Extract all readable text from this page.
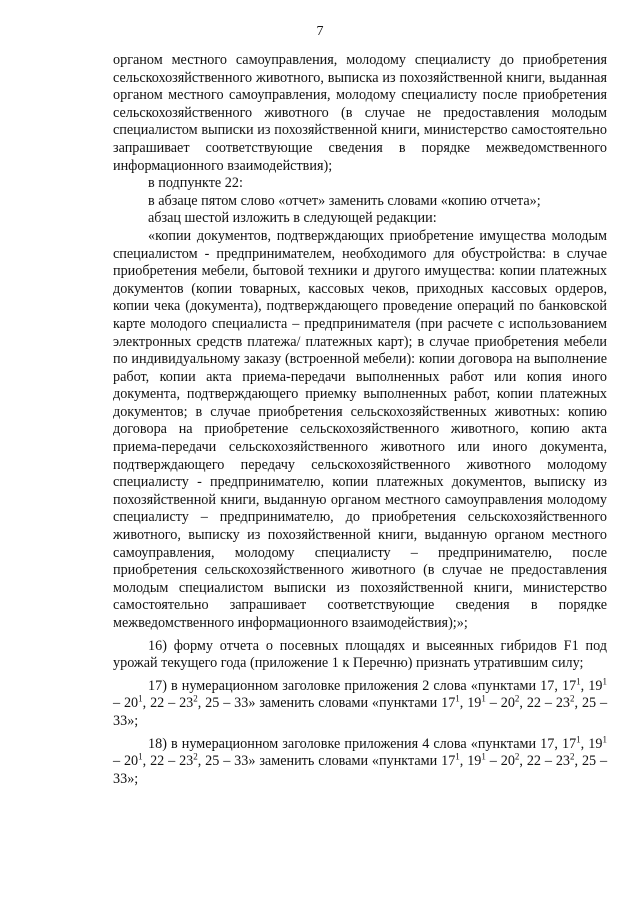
7

органом местного самоуправления, молодому специалисту до приобретения сельскохозяйственного животного, выписка из похозяйственной книги, выданная органом местного самоуправления, молодому специалисту после приобретения сельскохозяйственного животного (в случае не предоставления молодым специалистом выписки из похозяйственной книги, министерство самостоятельно запрашивает соответствующие сведения в порядке межведомственного информационного взаимодействия);

в подпункте 22:

в абзаце пятом слово «отчет» заменить словами «копию отчета»;

абзац шестой изложить в следующей редакции:

«копии документов, подтверждающих приобретение имущества молодым специалистом - предпринимателем, необходимого для обустройства: в случае приобретения мебели, бытовой техники и другого имущества: копии платежных документов (копии товарных, кассовых чеков, приходных кассовых ордеров, копии чека (документа), подтверждающего проведение операций по банковской карте молодого специалиста – предпринимателя (при расчете с использованием электронных средств платежа/ платежных карт); в случае приобретения мебели по индивидуальному заказу (встроенной мебели): копии договора на выполнение работ, копии акта приема-передачи выполненных работ или копия иного документа, подтверждающего приемку выполненных работ, копии платежных документов; в случае приобретения сельскохозяйственных животных: копию договора на приобретение сельскохозяйственного животного, копию акта приема-передачи сельскохозяйственного животного или иного документа, подтверждающего передачу сельскохозяйственного животного молодому специалисту - предпринимателю, копии платежных документов, выписку из похозяйственной книги, выданную органом местного самоуправления молодому специалисту – предпринимателю, до приобретения сельскохозяйственного животного, выписку из похозяйственной книги, выданную органом местного самоуправления, молодому специалисту – предпринимателю, после приобретения сельскохозяйственного животного (в случае не предоставления молодым специалистом выписки из похозяйственной книги, министерство самостоятельно запрашивает соответствующие сведения в порядке межведомственного информационного взаимодействия);»;

16) форму отчета о посевных площадях и высеянных гибридов F1 под урожай текущего года (приложение 1 к Перечню) признать утратившим силу;

17) в нумерационном заголовке приложения 2 слова «пунктами 17, $17^1$, $19^1 - 20^1$, $22 - 23^2$, 25 – 33» заменить словами «пунктами $17^1$, $19^1 - 20^2$, $22 - 23^2$, 25 – 33»;

18) в нумерационном заголовке приложения 4 слова «пунктами 17, $17^1$, $19^1 - 20^1$, $22 - 23^2$, 25 – 33» заменить словами «пунктами $17^1$, $19^1 - 20^2$, $22 - 23^2$, 25 – 33»;
